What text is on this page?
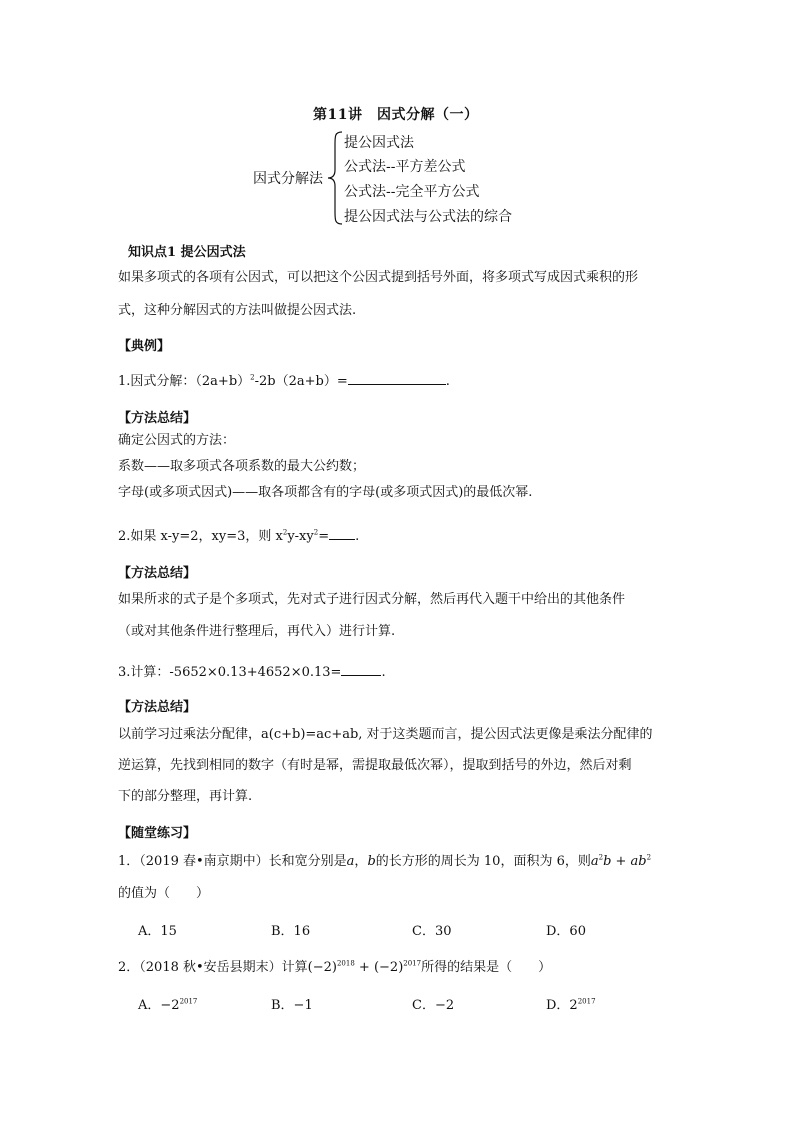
第11讲　因式分解（一）
因式分解法
提公因式法
公式法--平方差公式
公式法--完全平方公式
提公因式法与公式法的综合
知识点1 提公因式法
如果多项式的各项有公因式，可以把这个公因式提到括号外面，将多项式写成因式乘积的形
式，这种分解因式的方法叫做提公因式法.
【典例】
1.因式分解：$(2a+b)^2-2b(2a+b)=$	.
【方法总结】
确定公因式的方法：
系数——取多项式各项系数的最大公约数；
字母(或多项式因式)——取各项都含有的字母(或多项式因式)的最低次幂.
2.如果 x-y=2，xy=3，则 $x^2y-xy^2=$ .
【方法总结】
如果所求的式子是个多项式，先对式子进行因式分解，然后再代入题干中给出的其他条件
（或对其他条件进行整理后，再代入）进行计算.
3.计算：-5652×0.13+4652×0.13=	.
【方法总结】
以前学习过乘法分配律，a(c+b)=ac+ab, 对于这类题而言，提公因式法更像是乘法分配律的
逆运算，先找到相同的数字（有时是幂，需提取最低次幂），提取到括号的外边，然后对剩
下的部分整理，再计算.
【随堂练习】
1．（2019 春•南京期中）长和宽分别是a，b的长方形的周长为 10，面积为 6，则$a^2b + ab^2$
的值为（　　）
A．15	B．16	C．30	D．60
2．（2018 秋•安岳县期末）计算$(-2)^{2018} + (-2)^{2017}$所得的结果是（　　）
A．$-2^{2017}$	B．−1	C．−2	D．$2^{2017}$
